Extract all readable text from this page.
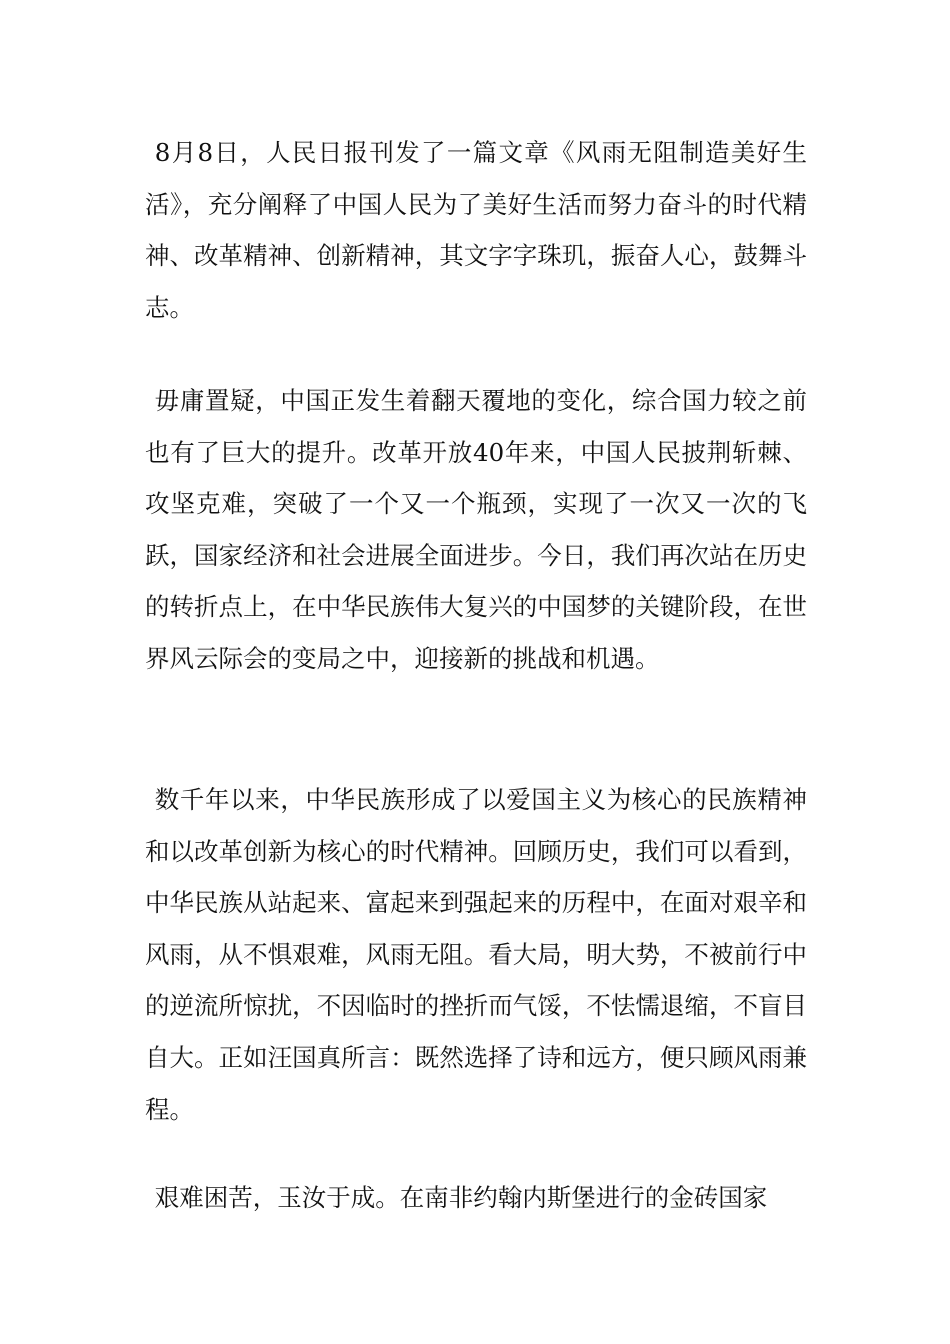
8月8日，人民日报刊发了一篇文章《风雨无阻制造美好生活》，充分阐释了中国人民为了美好生活而努力奋斗的时代精神、改革精神、创新精神，其文字字珠玑，振奋人心，鼓舞斗志。

毋庸置疑，中国正发生着翻天覆地的变化，综合国力较之前也有了巨大的提升。改革开放40年来，中国人民披荆斩棘、攻坚克难，突破了一个又一个瓶颈，实现了一次又一次的飞跃，国家经济和社会进展全面进步。今日，我们再次站在历史的转折点上，在中华民族伟大复兴的中国梦的关键阶段，在世界风云际会的变局之中，迎接新的挑战和机遇。

数千年以来，中华民族形成了以爱国主义为核心的民族精神和以改革创新为核心的时代精神。回顾历史，我们可以看到，中华民族从站起来、富起来到强起来的历程中，在面对艰辛和风雨，从不惧艰难，风雨无阻。看大局，明大势，不被前行中的逆流所惊扰，不因临时的挫折而气馁，不怯懦退缩，不盲目自大。正如汪国真所言：既然选择了诗和远方，便只顾风雨兼程。

艰难困苦，玉汝于成。在南非约翰内斯堡进行的金砖国家
